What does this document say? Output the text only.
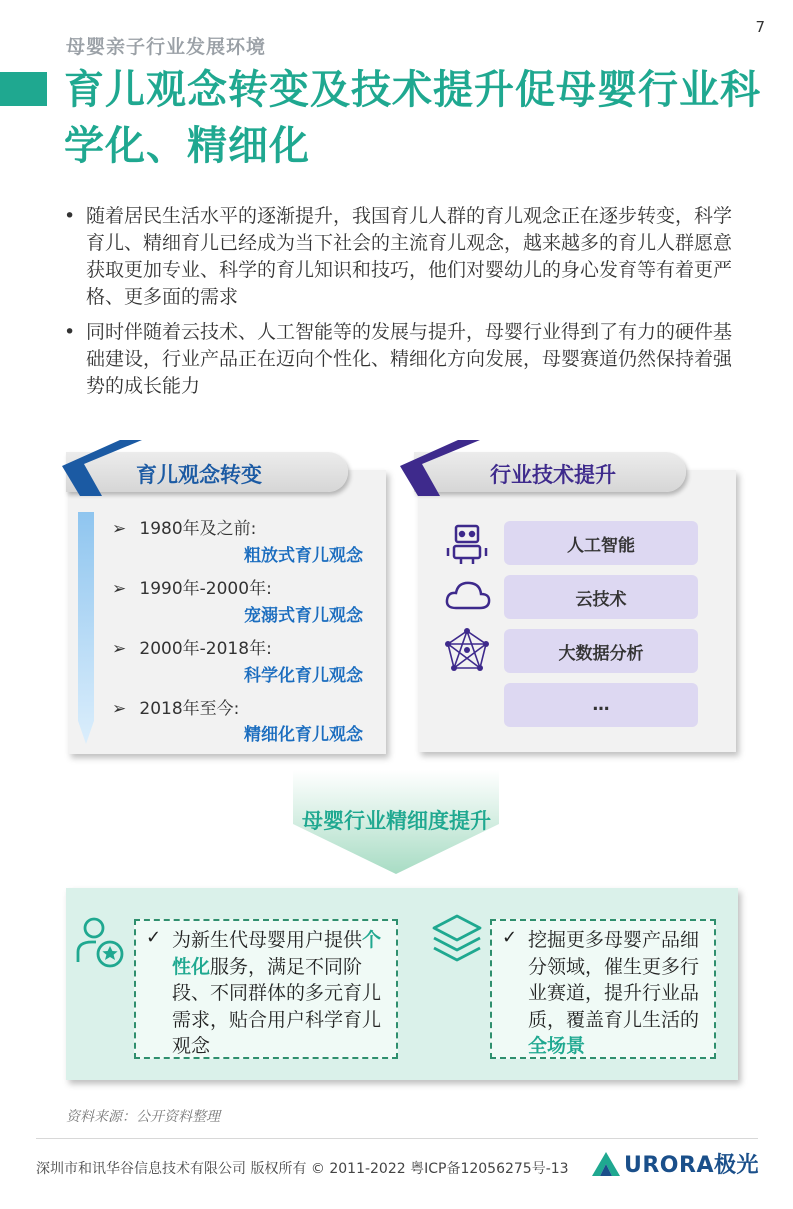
7
母婴亲子行业发展环境
育儿观念转变及技术提升促母婴行业科学化、精细化
• 随着居民生活水平的逐渐提升，我国育儿人群的育儿观念正在逐步转变，科学育儿、精细育儿已经成为当下社会的主流育儿观念，越来越多的育儿人群愿意获取更加专业、科学的育儿知识和技巧，他们对婴幼儿的身心发育等有着更严格、更多面的需求
• 同时伴随着云技术、人工智能等的发展与提升，母婴行业得到了有力的硬件基础建设，行业产品正在迈向个性化、精细化方向发展，母婴赛道仍然保持着强势的成长能力
育儿观念转变
➢ 1980年及之前:
粗放式育儿观念
➢ 1990年-2000年:
宠溺式育儿观念
➢ 2000年-2018年:
科学化育儿观念
➢ 2018年至今:
精细化育儿观念
行业技术提升
人工智能
云技术
大数据分析
…
母婴行业精细度提升
✓ 为新生代母婴用户提供个性化服务，满足不同阶段、不同群体的多元育儿需求，贴合用户科学育儿观念
✓ 挖掘更多母婴产品细分领域，催生更多行业赛道，提升行业品质，覆盖育儿生活的全场景
资料来源：公开资料整理
深圳市和讯华谷信息技术有限公司 版权所有 © 2011-2022 粤ICP备12056275号-13	URORA极光
